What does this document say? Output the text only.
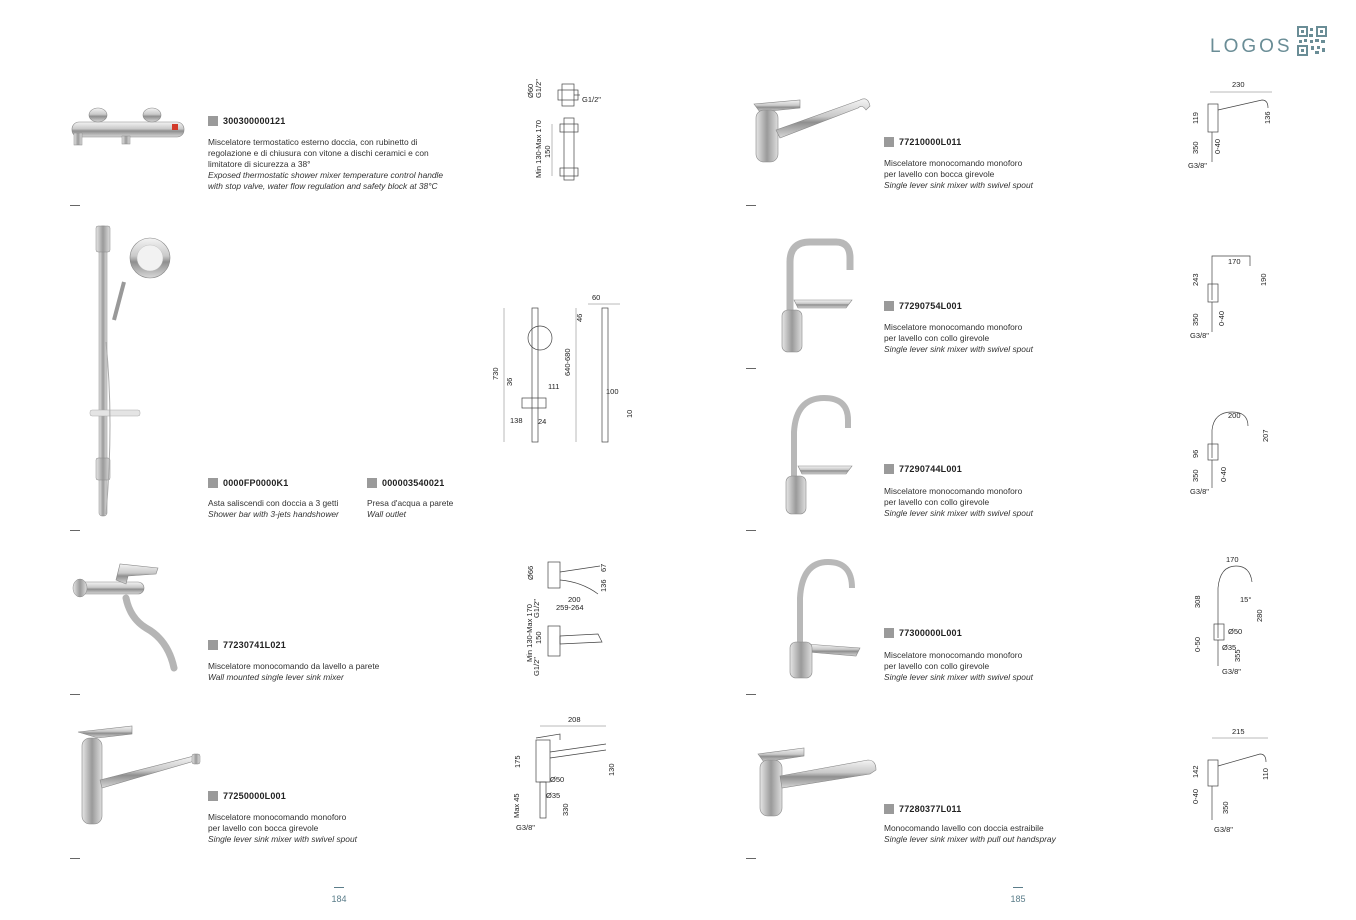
300300000121
Miscelatore termostatico esterno doccia, con rubinetto di
regolazione e di chiusura con vitone a dischi ceramici e con
limitatore di sicurezza a 38°
Exposed thermostatic shower mixer temperature control handle
with stop valve, water flow regulation and safety block at 38°C
Ø60 G1/2"
G1/2"
Min 130-Max 170 150
730
36
111
138 24
60
46
640-680
100
10
0000FP0000K1
Asta saliscendi con doccia a 3 getti
Shower bar with 3-jets handshower
000003540021
Presa d'acqua a parete
Wall outlet
Ø66	67
136
200
259-264
G1/2"
Min 130-Max 170 150
G1/2"
77230741L021
Miscelatore monocomando da lavello a parete
Wall mounted single lever sink mixer
208
175
130
Ø50
Ø35
Max 45	330
G3/8"
77250000L001
Miscelatore monocomando monoforo
per lavello con bocca girevole
Single lever sink mixer with swivel spout
184
LOGOS
77210000L011
Miscelatore monocomando monoforo
per lavello con bocca girevole
Single lever sink mixer with swivel spout
230
119	136
350 0-40
G3/8"
77290754L001
Miscelatore monocomando monoforo
per lavello con collo girevole
Single lever sink mixer with swivel spout
170
243	190
350 0-40
G3/8"
77290744L001
Miscelatore monocomando monoforo
per lavello con collo girevole
Single lever sink mixer with swivel spout
200
96
207
350	0-40
G3/8"
77300000L001
Miscelatore monocomando monoforo
per lavello con collo girevole
Single lever sink mixer with swivel spout
170
308	15°
280
Ø50
0-50	Ø35
355
G3/8"
77280377L011
Monocomando lavello con doccia estraibile
Single lever sink mixer with pull out handspray
215
142	110
0-40
350
G3/8"
185
